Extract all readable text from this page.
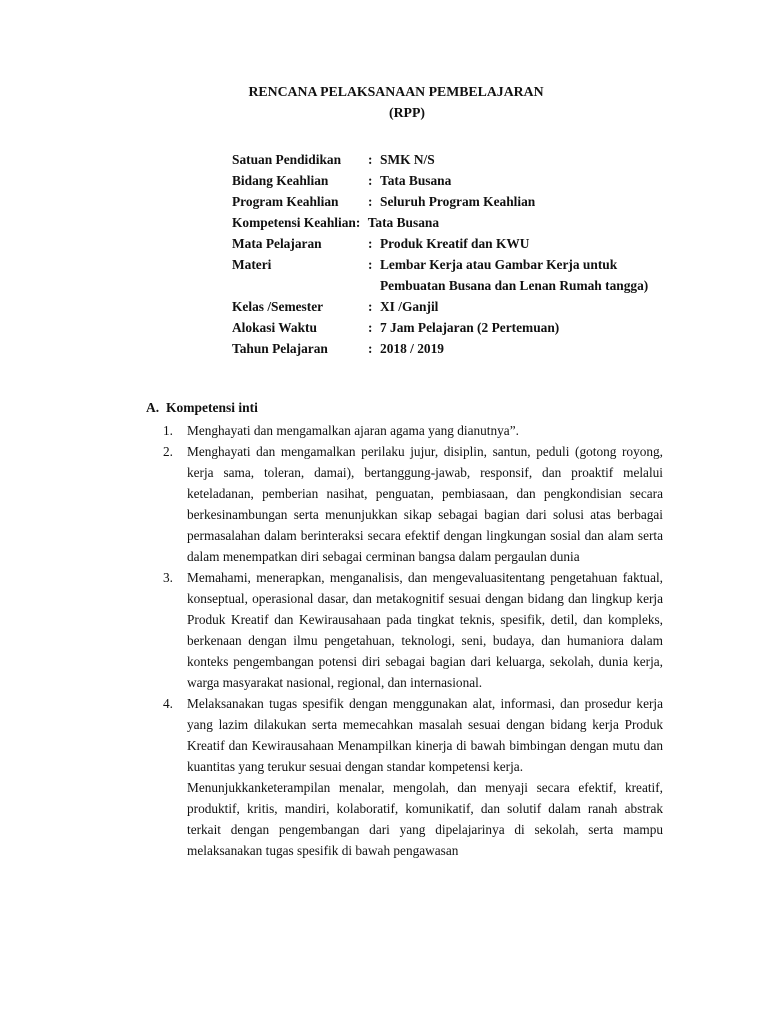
RENCANA PELAKSANAAN PEMBELAJARAN
(RPP)
Satuan Pendidikan : SMK N/S
Bidang Keahlian	: Tata Busana
Program Keahlian : Seluruh Program Keahlian
Kompetensi Keahlian: Tata Busana
Mata Pelajaran	: Produk Kreatif dan KWU
Materi	: Lembar Kerja atau Gambar Kerja untuk Pembuatan Busana dan Lenan Rumah tangga)
Kelas /Semester	: XI /Ganjil
Alokasi Waktu	: 7 Jam Pelajaran (2 Pertemuan)
Tahun Pelajaran	: 2018 / 2019
A. Kompetensi inti
1. Menghayati dan mengamalkan ajaran agama yang dianutnya”.

2. Menghayati dan mengamalkan perilaku jujur, disiplin, santun, peduli (gotong royong, kerja sama, toleran, damai), bertanggung-jawab, responsif, dan proaktif melalui keteladanan, pemberian nasihat, penguatan, pembiasaan, dan pengkondisian secara berkesinambungan serta menunjukkan sikap sebagai bagian dari solusi atas berbagai permasalahan dalam berinteraksi secara efektif dengan lingkungan sosial dan alam serta dalam menempatkan diri sebagai cerminan bangsa dalam pergaulan dunia

3. Memahami, menerapkan, menganalisis, dan mengevaluasitentang pengetahuan faktual, konseptual, operasional dasar, dan metakognitif sesuai dengan bidang dan lingkup kerja Produk Kreatif dan Kewirausahaan pada tingkat teknis, spesifik, detil, dan kompleks, berkenaan dengan ilmu pengetahuan, teknologi, seni, budaya, dan humaniora dalam konteks pengembangan potensi diri sebagai bagian dari keluarga, sekolah, dunia kerja, warga masyarakat nasional, regional, dan internasional.

4. Melaksanakan tugas spesifik dengan menggunakan alat, informasi, dan prosedur kerja yang lazim dilakukan serta memecahkan masalah sesuai dengan bidang kerja Produk Kreatif dan Kewirausahaan Menampilkan kinerja di bawah bimbingan dengan mutu dan kuantitas yang terukur sesuai dengan standar kompetensi kerja.

Menunjukkanketerampilan menalar, mengolah, dan menyaji secara efektif, kreatif, produktif, kritis, mandiri, kolaboratif, komunikatif, dan solutif dalam ranah abstrak terkait dengan pengembangan dari yang dipelajarinya di sekolah, serta mampu melaksanakan tugas spesifik di bawah pengawasan
